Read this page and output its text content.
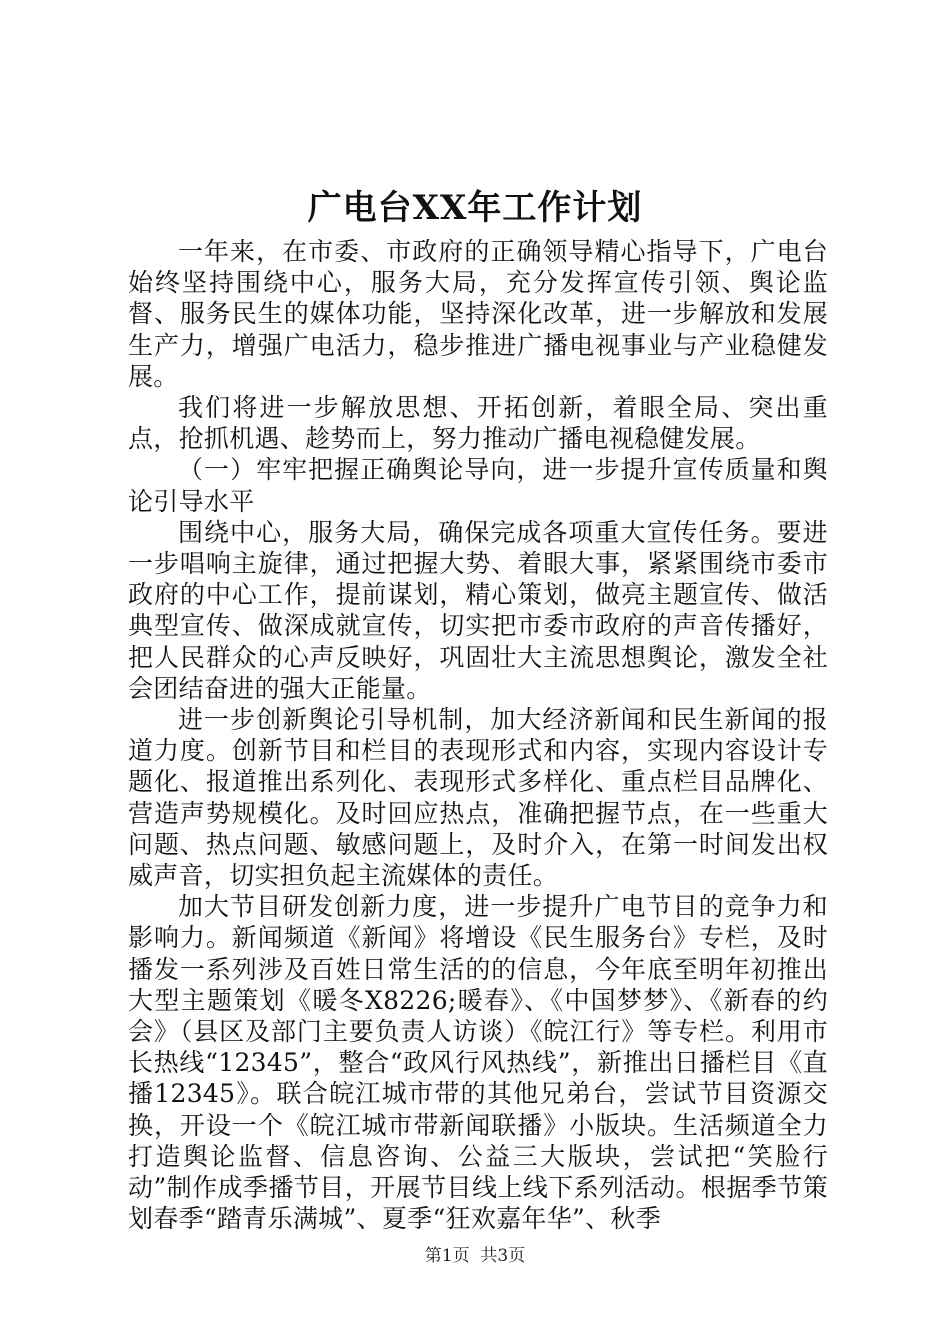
广电台XX年工作计划

一年来，在市委、市政府的正确领导精心指导下，广电台始终坚持围绕中心，服务大局，充分发挥宣传引领、舆论监督、服务民生的媒体功能，坚持深化改革，进一步解放和发展生产力，增强广电活力，稳步推进广播电视事业与产业稳健发展。

我们将进一步解放思想、开拓创新，着眼全局、突出重点，抢抓机遇、趁势而上，努力推动广播电视稳健发展。

（一）牢牢把握正确舆论导向，进一步提升宣传质量和舆论引导水平

围绕中心，服务大局，确保完成各项重大宣传任务。要进一步唱响主旋律，通过把握大势、着眼大事，紧紧围绕市委市政府的中心工作，提前谋划，精心策划，做亮主题宣传、做活典型宣传、做深成就宣传，切实把市委市政府的声音传播好，把人民群众的心声反映好，巩固壮大主流思想舆论，激发全社会团结奋进的强大正能量。

进一步创新舆论引导机制，加大经济新闻和民生新闻的报道力度。创新节目和栏目的表现形式和内容，实现内容设计专题化、报道推出系列化、表现形式多样化、重点栏目品牌化、营造声势规模化。及时回应热点，准确把握节点，在一些重大问题、热点问题、敏感问题上，及时介入，在第一时间发出权威声音，切实担负起主流媒体的责任。

加大节目研发创新力度，进一步提升广电节目的竞争力和影响力。新闻频道《新闻》将增设《民生服务台》专栏，及时播发一系列涉及百姓日常生活的的信息，今年底至明年初推出大型主题策划《暖冬X8226;暖春》、《中国梦梦》、《新春的约会》（县区及部门主要负责人访谈）《皖江行》等专栏。利用市长热线“12345”，整合“政风行风热线”，新推出日播栏目《直播12345》。联合皖江城市带的其他兄弟台，尝试节目资源交换，开设一个《皖江城市带新闻联播》小版块。生活频道全力打造舆论监督、信息咨询、公益三大版块，尝试把“笑脸行动”制作成季播节目，开展节目线上线下系列活动。根据季节策划春季“踏青乐满城”、夏季“狂欢嘉年华”、秋季

第1页 共3页
